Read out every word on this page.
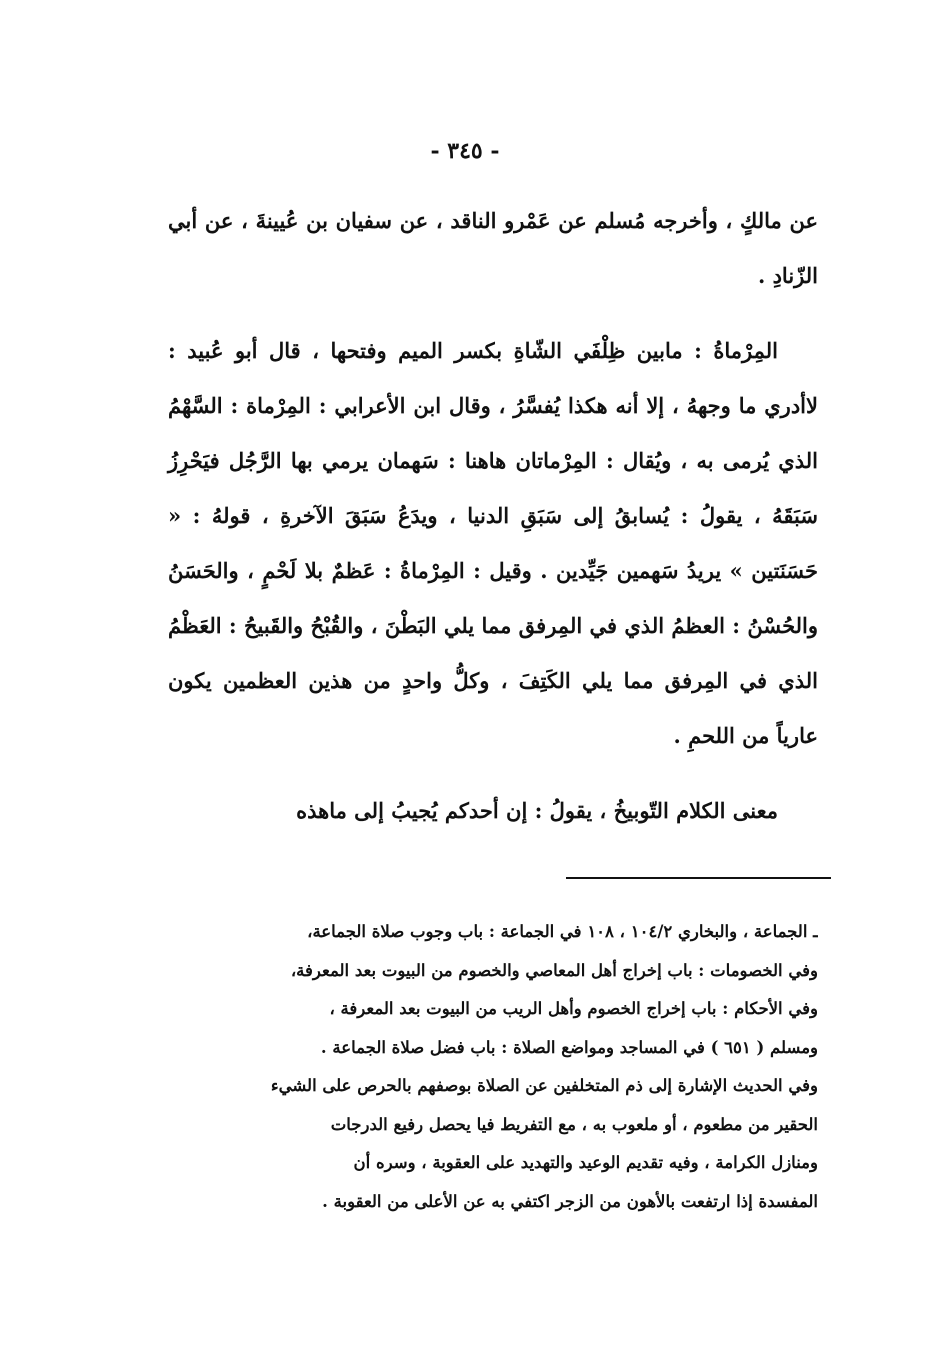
- ٣٤٥ -

عن مالكٍ ، وأخرجه مُسلم عن عَمْرو الناقد ، عن سفيان بن عُيينةَ ، عن أبي الزّنادِ .

المِرْماةُ : مابين ظِلْفَي الشّاةِ بكسر الميم وفتحها ، قال أبو عُبيد : لاأدري ما وجههُ ، إلا أنه هكذا يُفسَّرُ ، وقال ابن الأعرابي : المِرْماة : السَّهْمُ الذي يُرمى به ، ويُقال : المِرْماتان هاهنا : سَهمان يرمي بها الرَّجُل فيَحْرِزُ سَبَقَهُ ، يقولُ : يُسابقُ إلى سَبَقِ الدنيا ، ويدَعُ سَبَقَ الآخرةِ ، قولهُ : « حَسَنَتين » يريدُ سَهمين جَيِّدين . وقيل : المِرْماةُ : عَظمٌ بلا لَحْمٍ ، والحَسَنُ والحُسْنُ : العظمُ الذي في المِرفق مما يلي البَطْنَ ، والقُبْحُ والقَبيحُ : العَظْمُ الذي في المِرفق مما يلي الكَتِفَ ، وكلُّ واحدٍ من هذين العظمين يكون عارياً من اللحمِ .

معنى الكلام التّوبيخُ ، يقولُ : إن أحدكم يُجيبُ إلى ماهذه

ـ الجماعة ، والبخاري ١٠٤/٢ ، ١٠٨ في الجماعة : باب وجوب صلاة الجماعة،
وفي الخصومات : باب إخراج أهل المعاصي والخصوم من البيوت بعد المعرفة،
وفي الأحكام : باب إخراج الخصوم وأهل الريب من البيوت بعد المعرفة ،
ومسلم ( ٦٥١ ) في المساجد ومواضع الصلاة : باب فضل صلاة الجماعة .
وفي الحديث الإشارة إلى ذم المتخلفين عن الصلاة بوصفهم بالحرص على الشيء
الحقير من مطعوم ، أو ملعوب به ، مع التفريط فيا يحصل رفيع الدرجات
ومنازل الكرامة ، وفيه تقديم الوعيد والتهديد على العقوبة ، وسره أن
المفسدة إذا ارتفعت بالأهون من الزجر اكتفي به عن الأعلى من العقوبة .
